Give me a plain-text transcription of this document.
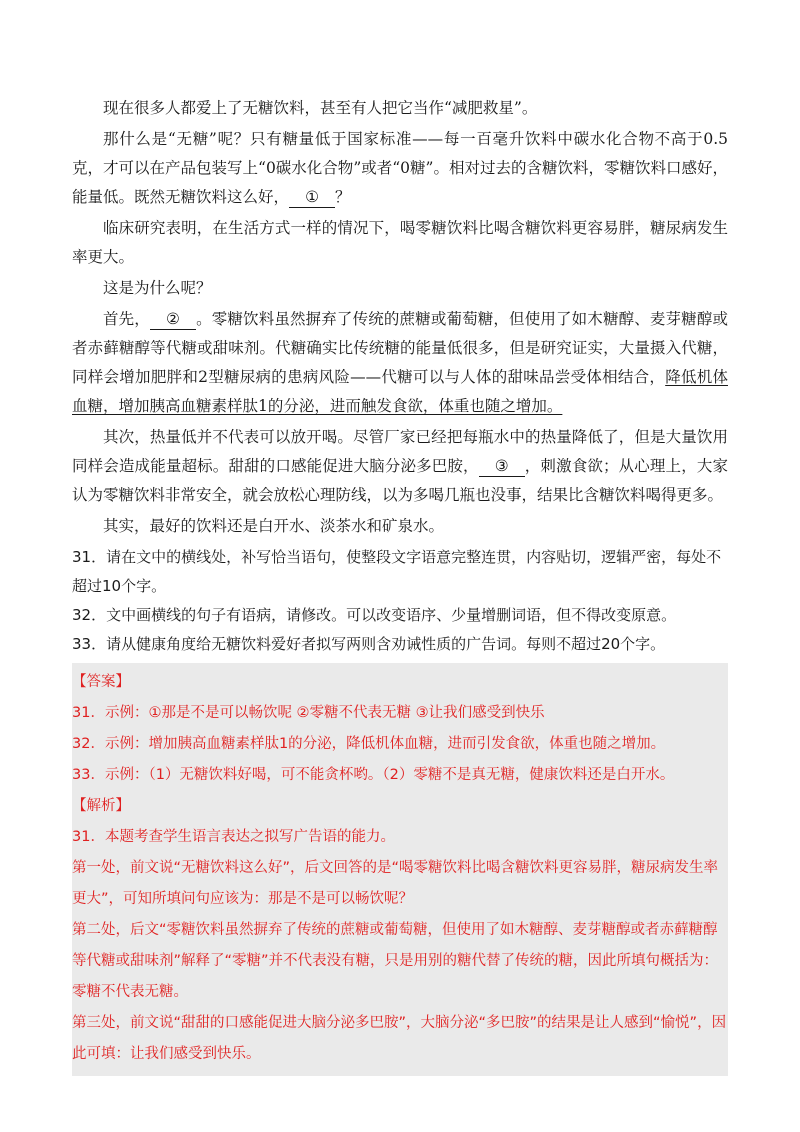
现在很多人都爱上了无糖饮料，甚至有人把它当作“减肥救星”。

那什么是“无糖”呢？只有糖量低于国家标准——每一百毫升饮料中碳水化合物不高于0.5克，才可以在产品包装写上“0碳水化合物”或者“0糖”。相对过去的含糖饮料，零糖饮料口感好，能量低。既然无糖饮料这么好， ① ？

临床研究表明，在生活方式一样的情况下，喝零糖饮料比喝含糖饮料更容易胖，糖尿病发生率更大。

这是为什么呢？

首先， ② 。零糖饮料虽然摒弃了传统的蔗糖或葡萄糖，但使用了如木糖醇、麦芽糖醇或者赤藓糖醇等代糖或甜味剂。代糖确实比传统糖的能量低很多，但是研究证实，大量摄入代糖，同样会增加肥胖和2型糖尿病的患病风险——代糖可以与人体的甜味品尝受体相结合，降低机体血糖，增加胰高血糖素样肽1的分泌，进而触发食欲，体重也随之增加。

其次，热量低并不代表可以放开喝。尽管厂家已经把每瓶水中的热量降低了，但是大量饮用同样会造成能量超标。甜甜的口感能促进大脑分泌多巴胺， ③ ，刺激食欲；从心理上，大家认为零糖饮料非常安全，就会放松心理防线，以为多喝几瓶也没事，结果比含糖饮料喝得更多。

其实，最好的饮料还是白开水、淡茶水和矿泉水。

31．请在文中的横线处，补写恰当语句，使整段文字语意完整连贯，内容贴切，逻辑严密，每处不超过10个字。

32．文中画横线的句子有语病，请修改。可以改变语序、少量增删词语，但不得改变原意。

33．请从健康角度给无糖饮料爱好者拟写两则含劝诫性质的广告词。每则不超过20个字。

【答案】

31．示例：①那是不是可以畅饮呢 ②零糖不代表无糖 ③让我们感受到快乐

32．示例：增加胰高血糖素样肽1的分泌，降低机体血糖，进而引发食欲，体重也随之增加。

33．示例：（1）无糖饮料好喝，可不能贪杯哟。（2）零糖不是真无糖，健康饮料还是白开水。

【解析】

31．本题考查学生语言表达之拟写广告语的能力。

第一处，前文说“无糖饮料这么好”，后文回答的是“喝零糖饮料比喝含糖饮料更容易胖，糖尿病发生率更大”，可知所填问句应该为：那是不是可以畅饮呢？

第二处，后文“零糖饮料虽然摒弃了传统的蔗糖或葡萄糖，但使用了如木糖醇、麦芽糖醇或者赤藓糖醇等代糖或甜味剂”解释了“零糖”并不代表没有糖，只是用别的糖代替了传统的糖，因此所填句概括为：零糖不代表无糖。

第三处，前文说“甜甜的口感能促进大脑分泌多巴胺”，大脑分泌“多巴胺”的结果是让人感到“愉悦”，因此可填：让我们感受到快乐。
